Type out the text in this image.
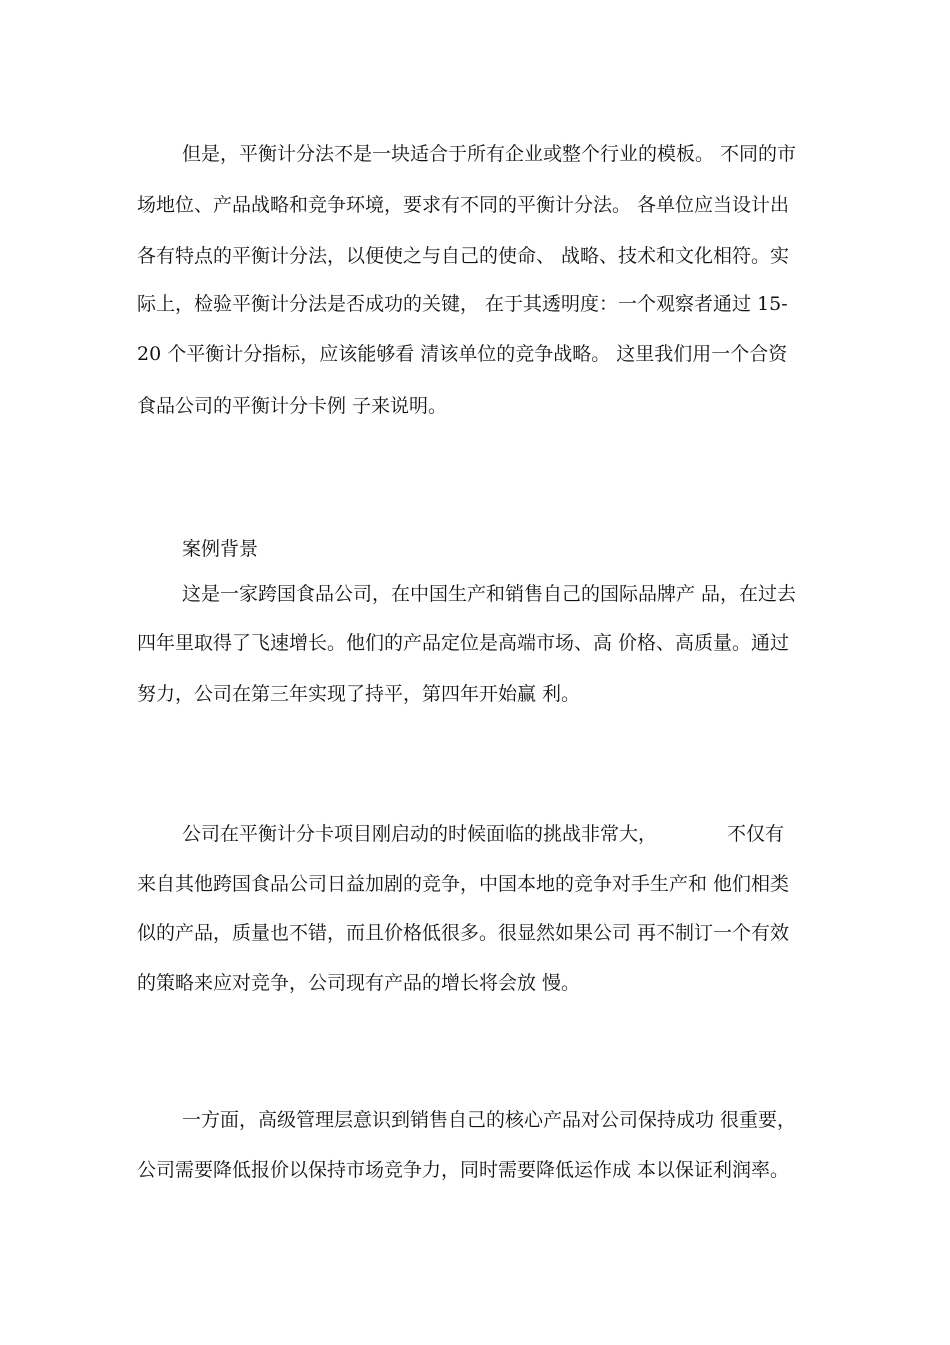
但是，平衡计分法不是一块适合于所有企业或整个行业的模板。 不同的市
场地位、产品战略和竞争环境，要求有不同的平衡计分法。 各单位应当设计出
各有特点的平衡计分法，以便使之与自己的使命、 战略、技术和文化相符。实
际上，检验平衡计分法是否成功的关键， 在于其透明度：一个观察者通过 15-
20 个平衡计分指标，应该能够看 清该单位的竞争战略。 这里我们用一个合资
食品公司的平衡计分卡例 子来说明。
案例背景
这是一家跨国食品公司，在中国生产和销售自己的国际品牌产 品，在过去
四年里取得了飞速增长。他们的产品定位是高端市场、高 价格、高质量。通过
努力，公司在第三年实现了持平，第四年开始赢 利。
公司在平衡计分卡项目刚启动的时候面临的挑战非常大，	不仅有
来自其他跨国食品公司日益加剧的竞争，中国本地的竞争对手生产和 他们相类
似的产品，质量也不错，而且价格低很多。很显然如果公司 再不制订一个有效
的策略来应对竞争，公司现有产品的增长将会放 慢。
一方面，高级管理层意识到销售自己的核心产品对公司保持成功 很重要，
公司需要降低报价以保持市场竞争力，同时需要降低运作成 本以保证利润率。
